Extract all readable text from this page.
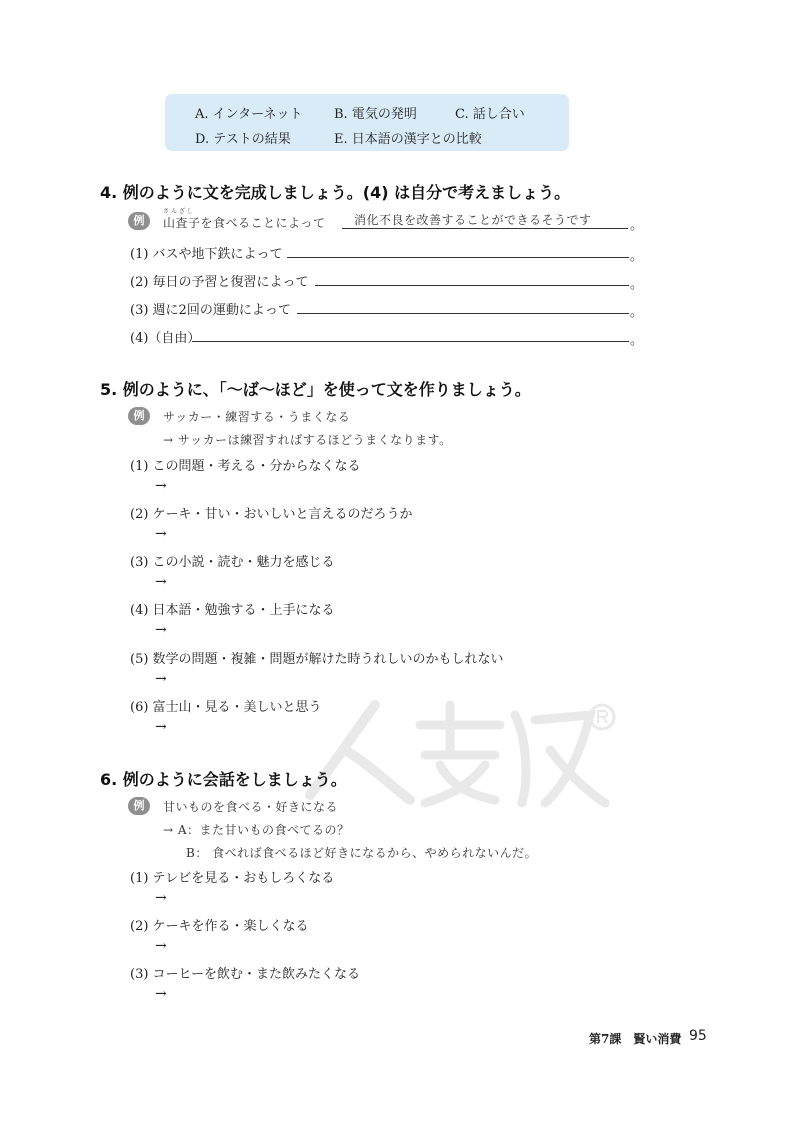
A. インターネット B. 電気の発明	C. 話し合い
D. テストの結果	E. 日本語の漢字との比較
4. 例のように文を完成しましょう。(4) は自分で考えましょう。
例
さんざし
山査子を食べることによって	消化不良を改善することができるそうです	。
(1) バスや地下鉄によって	。
(2) 毎日の予習と復習によって	。
(3) 週に2回の運動によって	。
(4)（自由）	。
5. 例のように、「～ば～ほど」を使って文を作りましょう。
例	サッカー・練習する・うまくなる
→ サッカーは練習すればするほどうまくなります。
(1) この問題・考える・分からなくなる
→
(2) ケーキ・甘い・おいしいと言えるのだろうか
→
(3) この小説・読む・魅力を感じる
→
(4) 日本語・勉強する・上手になる
→
(5) 数学の問題・複雑・問題が解けた時うれしいのかもしれない
→
(6) 富士山・見る・美しいと思う
→
6. 例のように会話をしましょう。
例	甘いものを食べる・好きになる
→ A：また甘いもの食べてるの？
B： 食べれば食べるほど好きになるから、やめられないんだ。
(1) テレビを見る・おもしろくなる
→
(2) ケーキを作る・楽しくなる
→
(3) コーヒーを飲む・また飲みたくなる
→
第7課　賢い消費 95
